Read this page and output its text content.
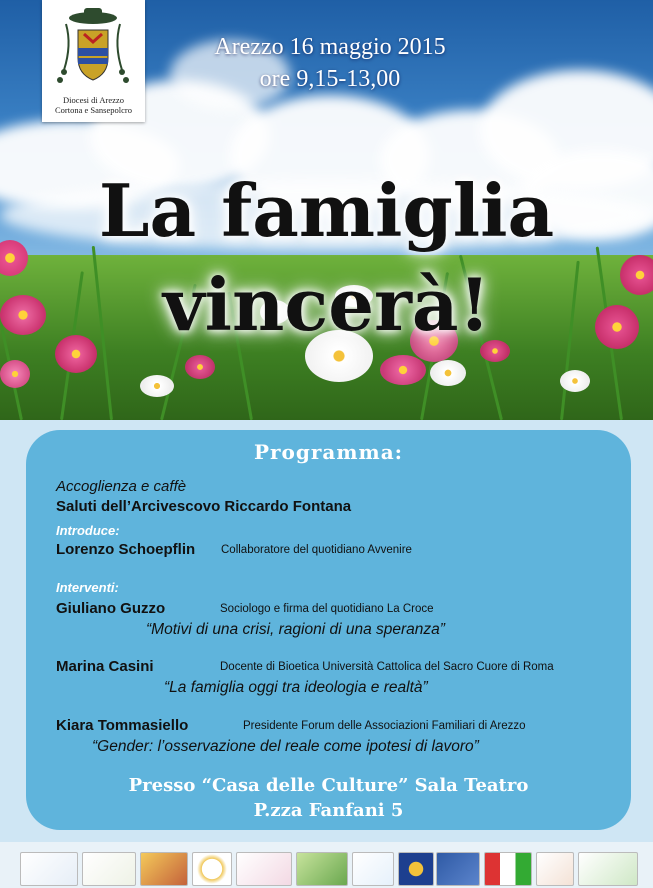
Diocesi di Arezzo
Cortona e Sansepolcro
Arezzo 16 maggio 2015
ore 9,15-13,00
La famiglia
vincerà!
Programma:
Accoglienza e caffè
Saluti dell’Arcivescovo Riccardo Fontana
Introduce:
Lorenzo Schoepflin Collaboratore del quotidiano Avvenire
Interventi:
Giuliano Guzzo	Sociologo e firma del quotidiano La Croce
“Motivi di una crisi, ragioni di una speranza”
Marina Casini	Docente di Bioetica Università Cattolica del Sacro Cuore di Roma
“La famiglia oggi tra ideologia e realtà”
Kiara Tommasiello	Presidente Forum delle Associazioni Familiari di Arezzo
“Gender: l’osservazione del reale come ipotesi di lavoro”
Presso “Casa delle Culture” Sala Teatro
P.zza Fanfani 5
